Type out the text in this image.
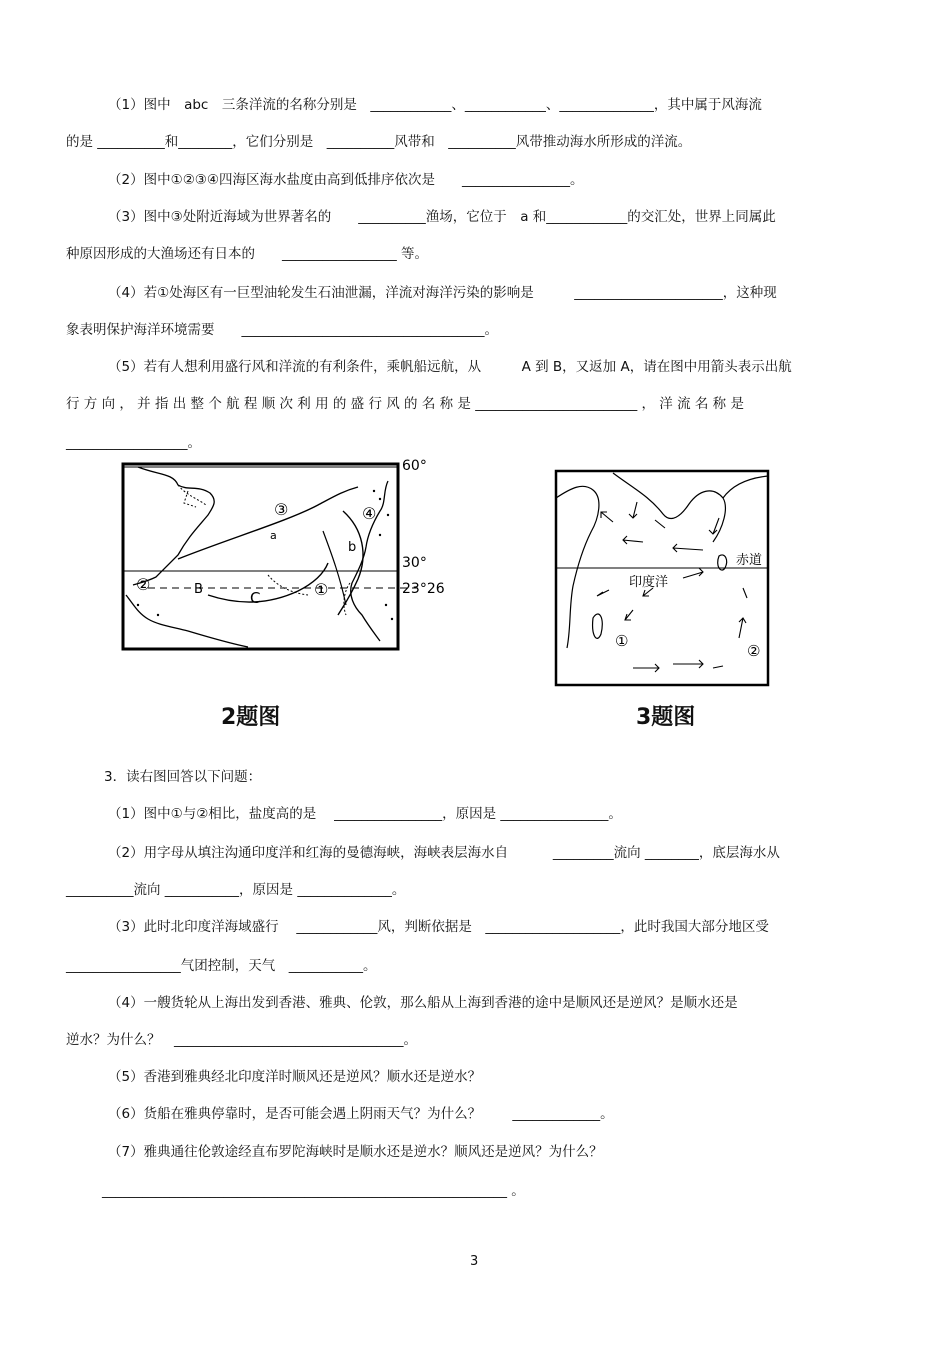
（1）图中　abc　三条洋流的名称分别是　____________、____________、______________，其中属于风海流
的是 __________和________，它们分别是　__________风带和　__________风带推动海水所形成的洋流。
（2）图中①②③④四海区海水盐度由高到低排序依次是　　________________。
（3）图中③处附近海域为世界著名的　　__________渔场，它位于　a 和____________的交汇处，世界上同属此
种原因形成的大渔场还有日本的　　_________________ 等。
（4）若①处海区有一巨型油轮发生石油泄漏，洋流对海洋污染的影响是　　　______________________，这种现
象表明保护海洋环境需要　　____________________________________。
（5）若有人想利用盛行风和洋流的有利条件，乘帆船远航，从　　　A 到 B，又返加 A，请在图中用箭头表示出航
行 方 向 ， 并 指 出 整 个 航 程 顺 次 利 用 的 盛 行 风 的 名 称 是 ________________________ ， 洋 流 名 称 是
__________________。
60°
30°
23°26
③	④
①
②
a
b
B	C
2题图
赤道
印度洋
①
②
3题图
3．读右图回答以下问题：
（1）图中①与②相比，盐度高的是　 ________________，原因是 ________________。
（2）用字母从填注沟通印度洋和红海的曼德海峡，海峡表层海水自　　　 _________流向 ________，底层海水从
__________流向 ___________，原因是 ______________。
（3）此时北印度洋海域盛行　 ____________风，判断依据是　____________________，此时我国大部分地区受
_________________气团控制，天气　___________。
（4）一艘货轮从上海出发到香港、雅典、伦敦，那么船从上海到香港的途中是顺风还是逆风？是顺水还是
逆水？为什么？　__________________________________。
（5）香港到雅典经北印度洋时顺风还是逆风？顺水还是逆水？
（6）货船在雅典停靠时，是否可能会遇上阴雨天气？为什么？　　 _____________。
（7）雅典通往伦敦途经直布罗陀海峡时是顺水还是逆水？顺风还是逆风？为什么？
____________________________________________________________ 。
3
